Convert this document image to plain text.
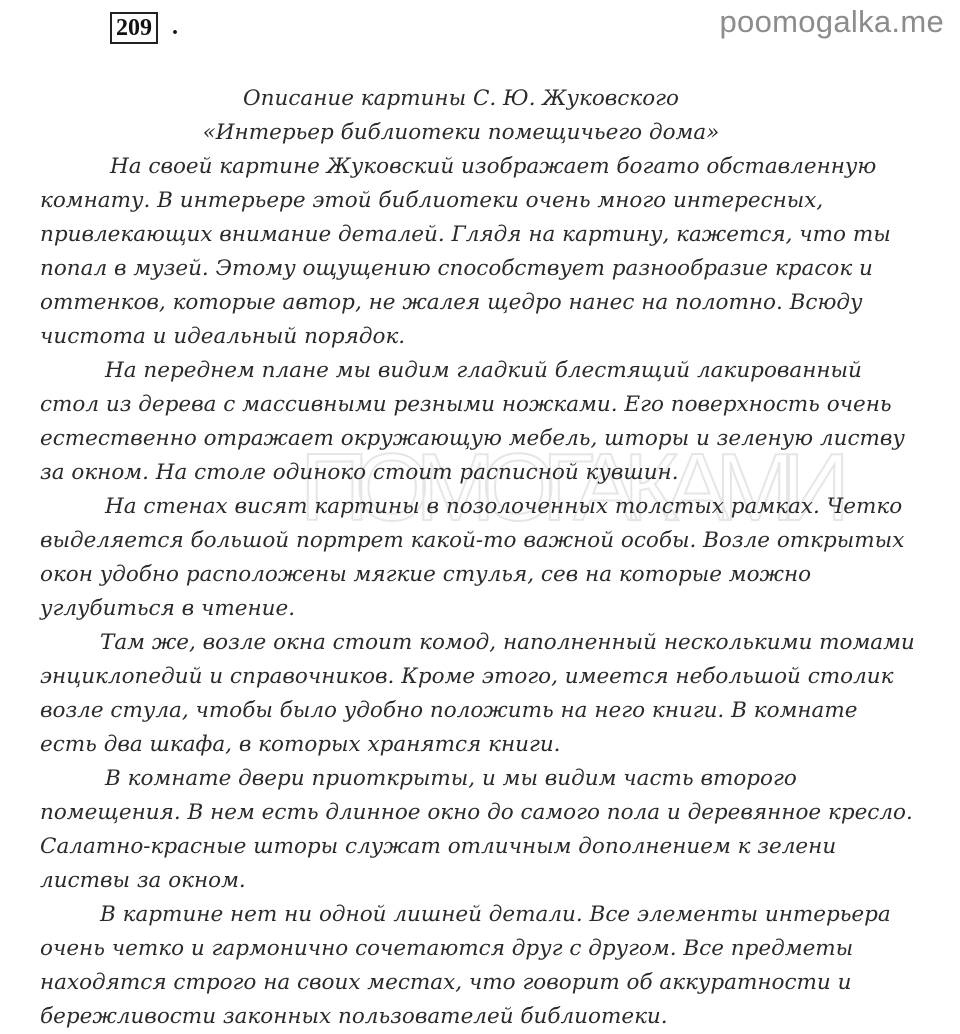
209 .	poomogalka.me
ПОМОГАКАМИ

Описание картины С. Ю. Жуковского

«Интерьер библиотеки помещичьего дома»

На своей картине Жуковский изображает богато обставленную комнату. В интерьере этой библиотеки очень много интересных, привлекающих внимание деталей. Глядя на картину, кажется, что ты попал в музей. Этому ощущению способствует разнообразие красок и оттенков, которые автор, не жалея щедро нанес на полотно. Всюду чистота и идеальный порядок.

На переднем плане мы видим гладкий блестящий лакированный стол из дерева с массивными резными ножками. Его поверхность очень естественно отражает окружающую мебель, шторы и зеленую листву за окном. На столе одиноко стоит расписной кувшин.

На стенах висят картины в позолоченных толстых рамках. Четко выделяется большой портрет какой-то важной особы. Возле открытых окон удобно расположены мягкие стулья, сев на которые можно углубиться в чтение.

Там же, возле окна стоит комод, наполненный несколькими томами энциклопедий и справочников. Кроме этого, имеется небольшой столик возле стула, чтобы было удобно положить на него книги. В комнате есть два шкафа, в которых хранятся книги.

В комнате двери приоткрыты, и мы видим часть второго помещения. В нем есть длинное окно до самого пола и деревянное кресло. Салатно-красные шторы служат отличным дополнением к зелени листвы за окном.

В картине нет ни одной лишней детали. Все элементы интерьера очень четко и гармонично сочетаются друг с другом. Все предметы находятся строго на своих местах, что говорит об аккуратности и бережливости законных пользователей библиотеки.
